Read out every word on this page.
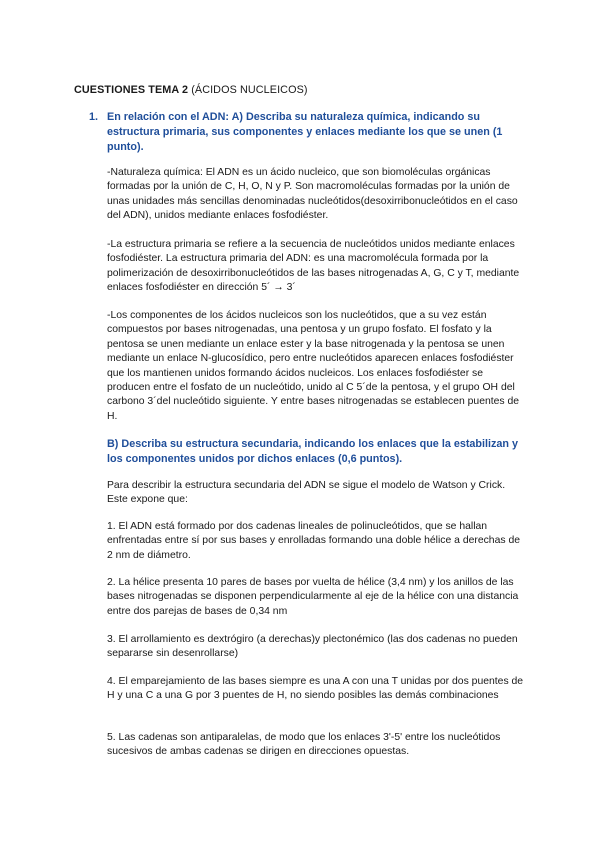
CUESTIONES TEMA 2 (ÁCIDOS NUCLEICOS)
1. En relación con el ADN: A) Describa su naturaleza química, indicando su estructura primaria, sus componentes y enlaces mediante los que se unen (1 punto).
-Naturaleza química: El ADN es un ácido nucleico, que son biomoléculas orgánicas formadas por la unión de C, H, O, N y P. Son macromoléculas formadas por la unión de unas unidades más sencillas denominadas nucleótidos(desoxirribonucleótidos en el caso del ADN), unidos mediante enlaces fosfodiéster.
-La estructura primaria se refiere a la secuencia de nucleótidos unidos mediante enlaces fosfodiéster. La estructura primaria del ADN: es una macromolécula formada por la polimerización de desoxirribonucleótidos de las bases nitrogenadas A, G, C y T, mediante enlaces fosfodiéster en dirección 5´ → 3´
-Los componentes de los ácidos nucleicos son los nucleótidos, que a su vez están compuestos por bases nitrogenadas, una pentosa y un grupo fosfato. El fosfato y la pentosa se unen mediante un enlace ester y la base nitrogenada y la pentosa se unen mediante un enlace N-glucosídico, pero entre nucleótidos aparecen enlaces fosfodiéster que los mantienen unidos formando ácidos nucleicos. Los enlaces fosfodiéster se producen entre el fosfato de un nucleótido, unido al C 5´de la pentosa, y el grupo OH del carbono 3´del nucleótido siguiente. Y entre bases nitrogenadas se establecen puentes de H.
B) Describa su estructura secundaria, indicando los enlaces que la estabilizan y los componentes unidos por dichos enlaces (0,6 puntos).
Para describir la estructura secundaria del ADN se sigue el modelo de Watson y Crick. Este expone que:
1. El ADN está formado por dos cadenas lineales de polinucleótidos, que se hallan enfrentadas entre sí por sus bases y enrolladas formando una doble hélice a derechas de 2 nm de diámetro.
2. La hélice presenta 10 pares de bases por vuelta de hélice (3,4 nm) y los anillos de las bases nitrogenadas se disponen perpendicularmente al eje de la hélice con una distancia entre dos parejas de bases de 0,34 nm
3. El arrollamiento es dextrógiro (a derechas)y plectonémico (las dos cadenas no pueden separarse sin desenrollarse)
4. El emparejamiento de las bases siempre es una A con una T unidas por dos puentes de H y una C a una G por 3 puentes de H, no siendo posibles las demás combinaciones
5. Las cadenas son antiparalelas, de modo que los enlaces 3'-5' entre los nucleótidos sucesivos de ambas cadenas se dirigen en direcciones opuestas.
